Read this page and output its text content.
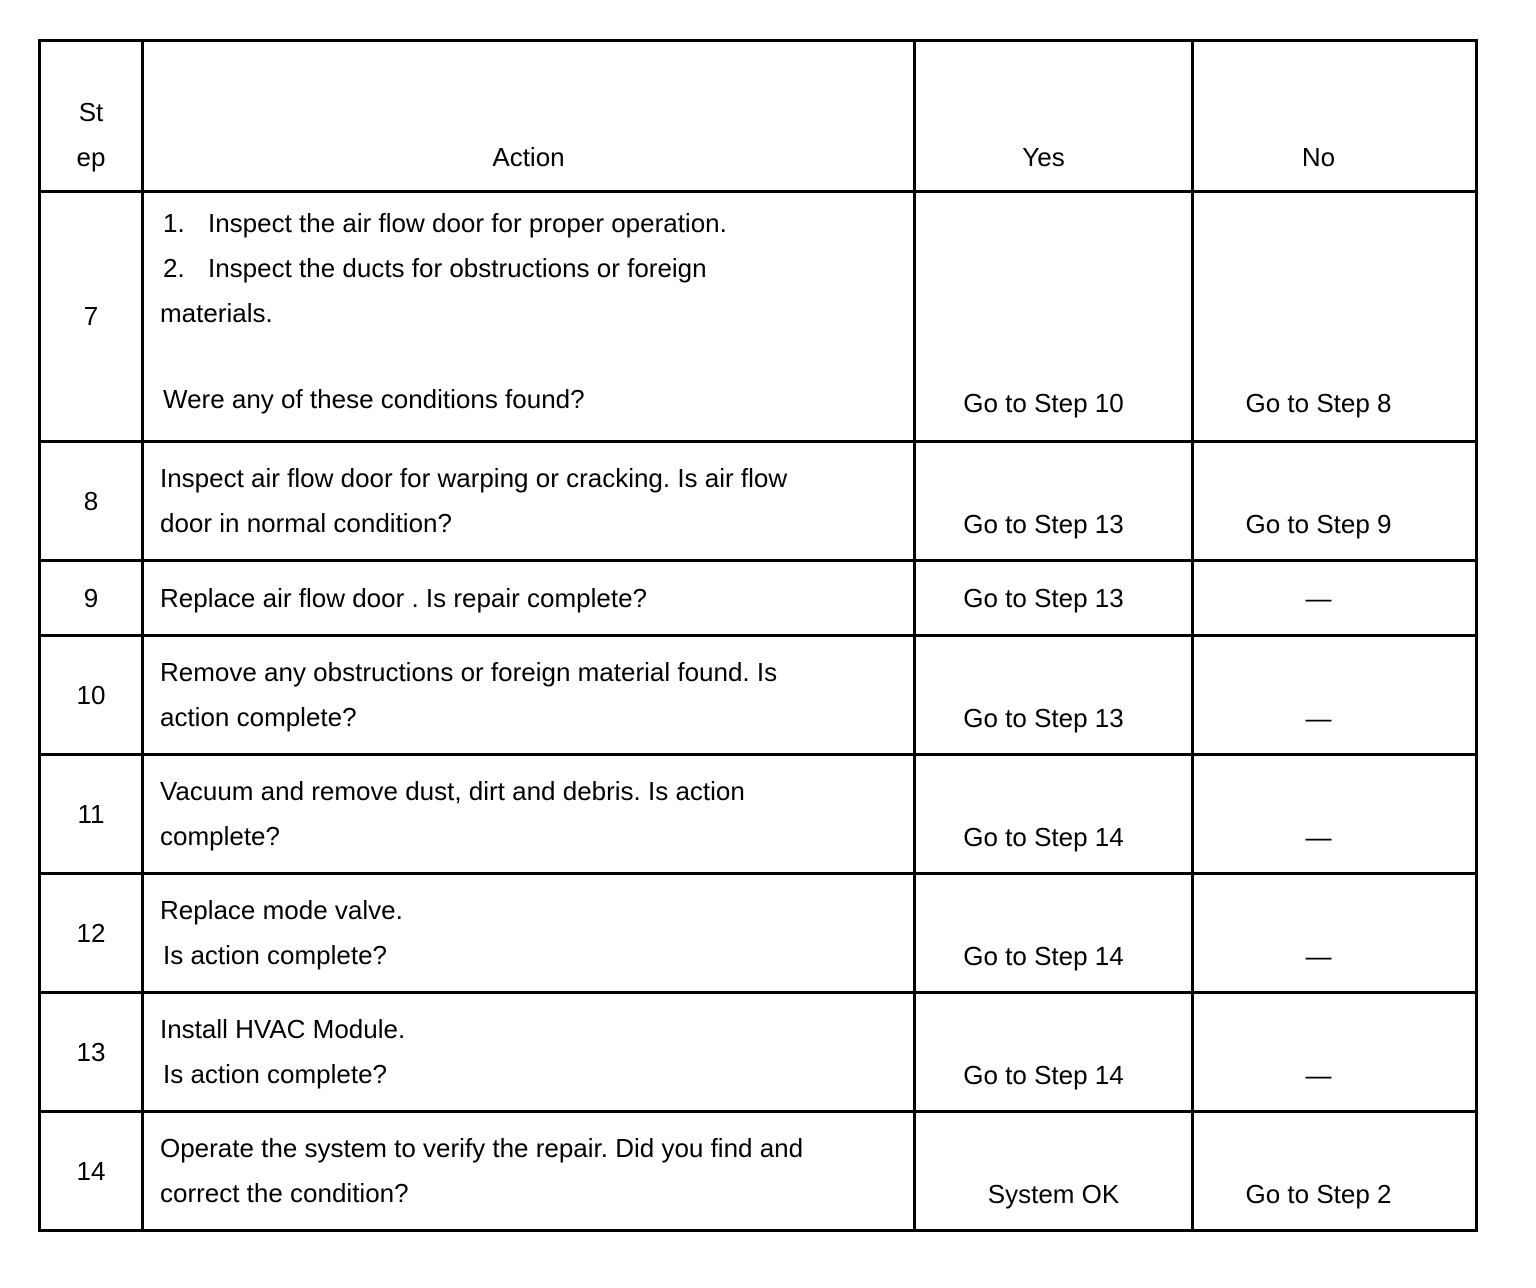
St
ep	Action	Yes	No
7	1. Inspect the air flow door for proper operation.
2. Inspect the ducts for obstructions or foreign
materials.
Were any of these conditions found?	Go to Step 10	Go to Step 8
8	Inspect air flow door for warping or cracking. Is air flow
door in normal condition?	Go to Step 13	Go to Step 9
9	Replace air flow door . Is repair complete?	Go to Step 13	—
10	Remove any obstructions or foreign material found. Is
action complete?	Go to Step 13	—
11	Vacuum and remove dust, dirt and debris. Is action
complete?	Go to Step 14	—
12	Replace mode valve.
Is action complete?	Go to Step 14	—
13	Install HVAC Module.
Is action complete?	Go to Step 14	—
14	Operate the system to verify the repair. Did you find and
correct the condition?	System OK	Go to Step 2
